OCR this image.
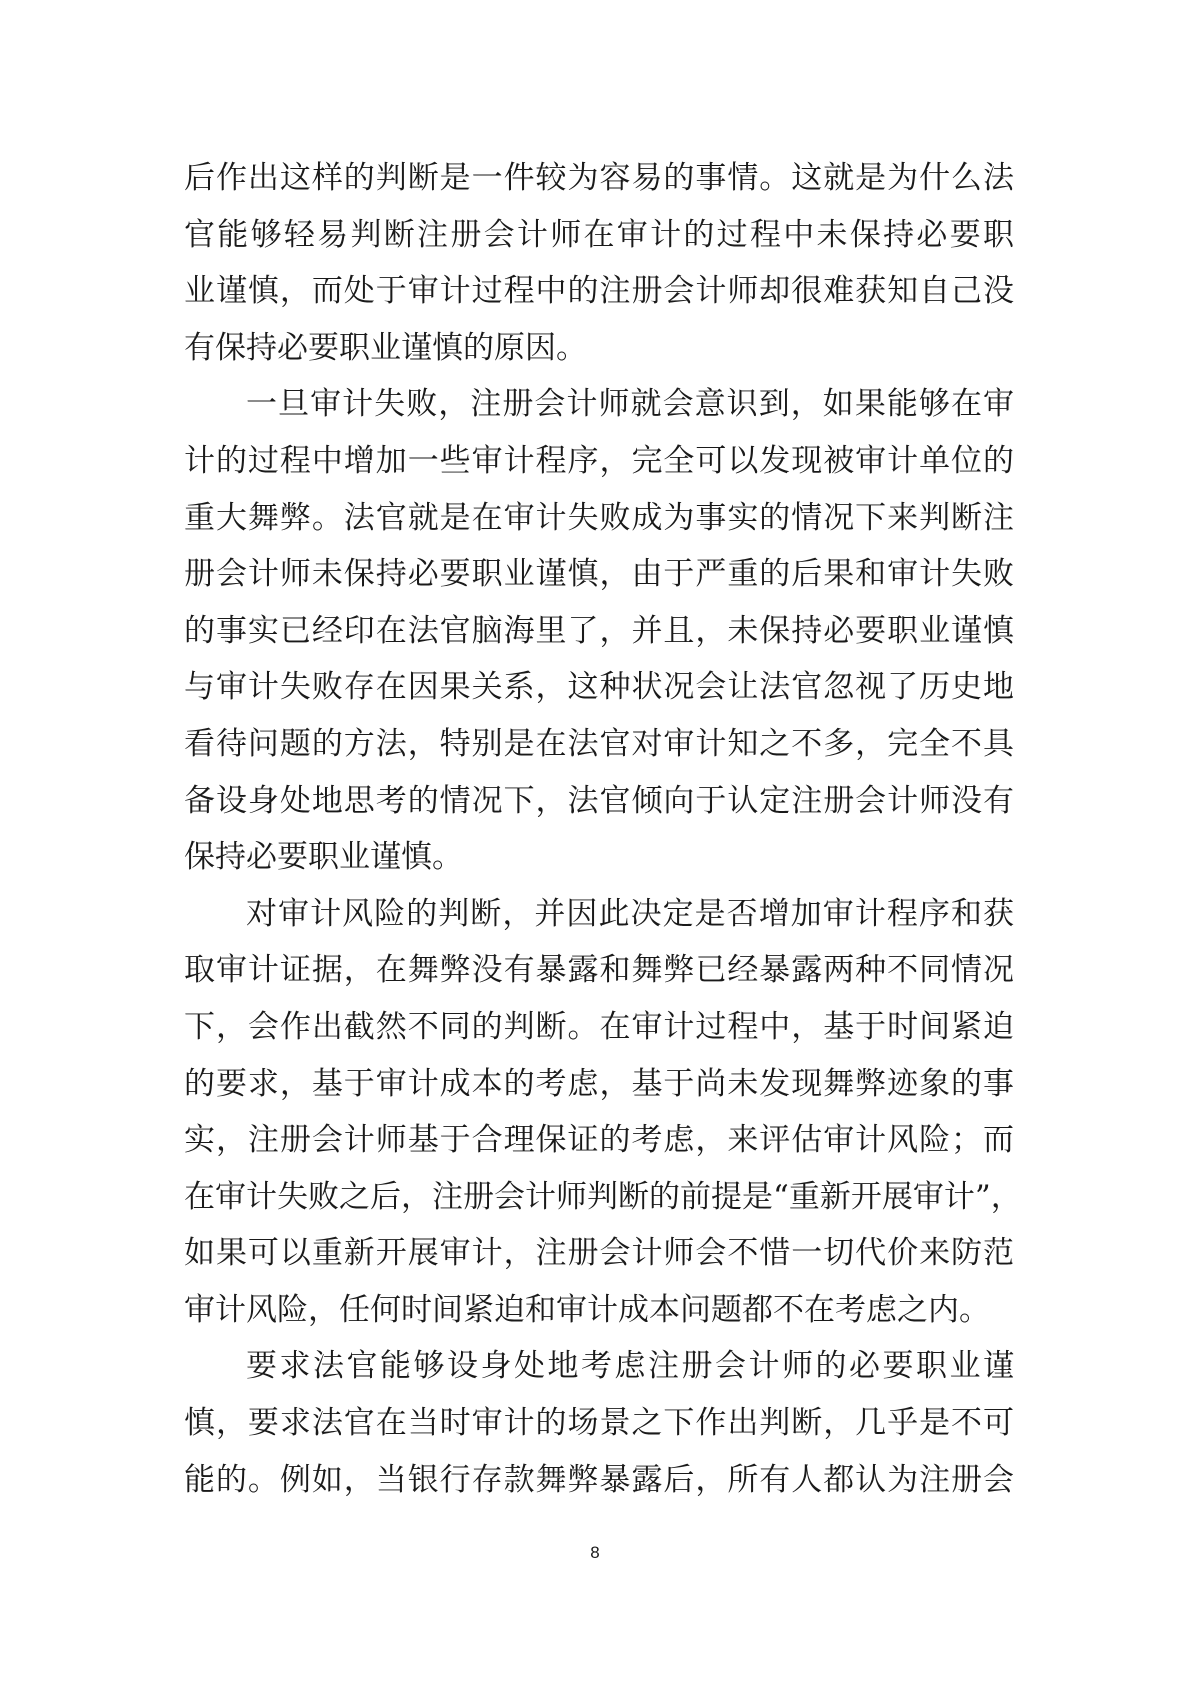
后作出这样的判断是一件较为容易的事情。这就是为什么法
官能够轻易判断注册会计师在审计的过程中未保持必要职
业谨慎，而处于审计过程中的注册会计师却很难获知自己没
有保持必要职业谨慎的原因。
一旦审计失败，注册会计师就会意识到，如果能够在审
计的过程中增加一些审计程序，完全可以发现被审计单位的
重大舞弊。法官就是在审计失败成为事实的情况下来判断注
册会计师未保持必要职业谨慎，由于严重的后果和审计失败
的事实已经印在法官脑海里了，并且，未保持必要职业谨慎
与审计失败存在因果关系，这种状况会让法官忽视了历史地
看待问题的方法，特别是在法官对审计知之不多，完全不具
备设身处地思考的情况下，法官倾向于认定注册会计师没有
保持必要职业谨慎。
对审计风险的判断，并因此决定是否增加审计程序和获
取审计证据，在舞弊没有暴露和舞弊已经暴露两种不同情况
下，会作出截然不同的判断。在审计过程中，基于时间紧迫
的要求，基于审计成本的考虑，基于尚未发现舞弊迹象的事
实，注册会计师基于合理保证的考虑，来评估审计风险；而
在审计失败之后，注册会计师判断的前提是“重新开展审计”，
如果可以重新开展审计，注册会计师会不惜一切代价来防范
审计风险，任何时间紧迫和审计成本问题都不在考虑之内。
要求法官能够设身处地考虑注册会计师的必要职业谨
慎，要求法官在当时审计的场景之下作出判断，几乎是不可
能的。例如，当银行存款舞弊暴露后，所有人都认为注册会
8
